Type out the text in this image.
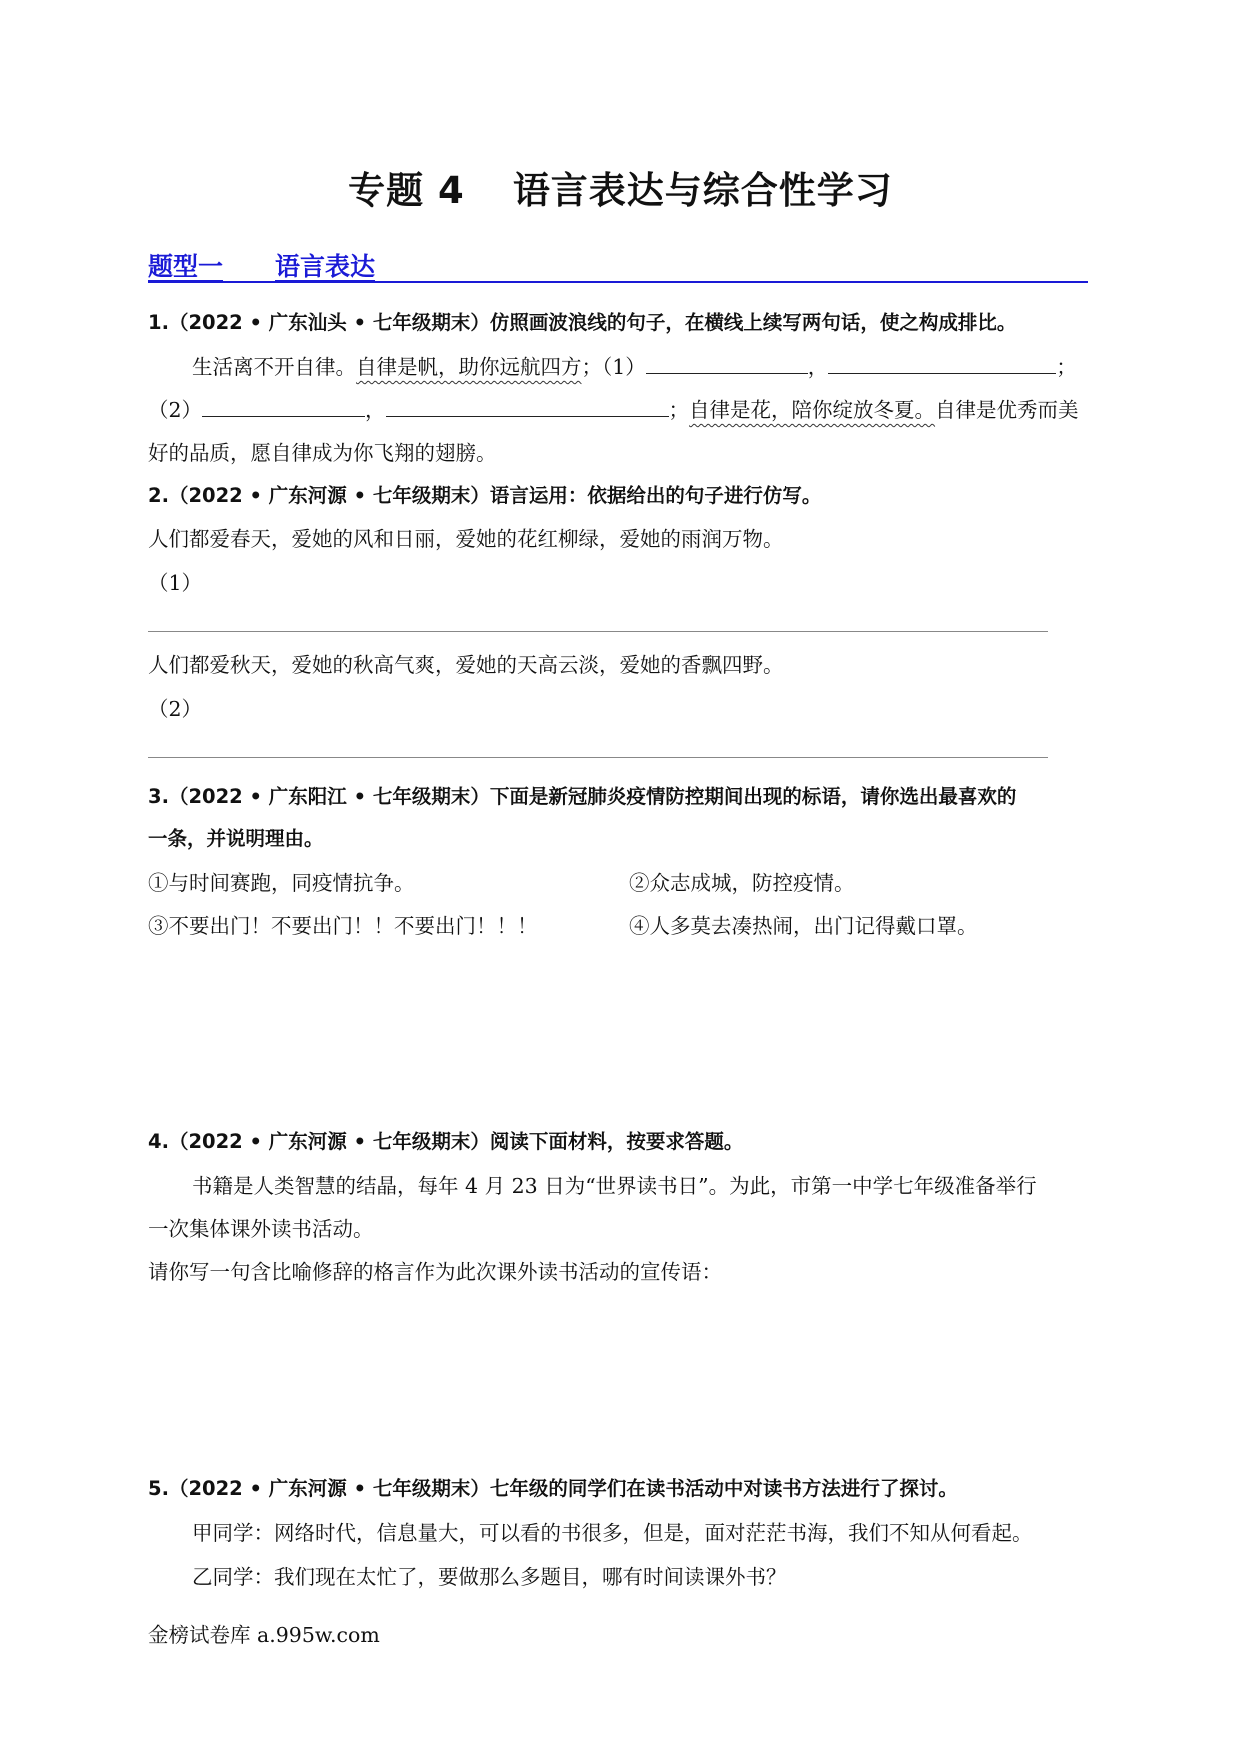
专题 4 语言表达与综合性学习
题型一 语言表达
1.（2022 • 广东汕头 • 七年级期末）仿照画波浪线的句子，在横线上续写两句话，使之构成排比。
生活离不开自律。自律是帆，助你远航四方；（1）	，	；
（2）	，	；自律是花，陪你绽放冬夏。自律是优秀而美
好的品质，愿自律成为你飞翔的翅膀。
2.（2022 • 广东河源 • 七年级期末）语言运用：依据给出的句子进行仿写。
人们都爱春天，爱她的风和日丽，爱她的花红柳绿，爱她的雨润万物。
（1）
人们都爱秋天，爱她的秋高气爽，爱她的天高云淡，爱她的香飘四野。
（2）
3.（2022 • 广东阳江 • 七年级期末）下面是新冠肺炎疫情防控期间出现的标语，请你选出最喜欢的
一条，并说明理由。
①与时间赛跑，同疫情抗争。	②众志成城，防控疫情。
③不要出门！不要出门！！不要出门！！！	④人多莫去凑热闹，出门记得戴口罩。
4.（2022 • 广东河源 • 七年级期末）阅读下面材料，按要求答题。
书籍是人类智慧的结晶，每年 4 月 23 日为“世界读书日”。为此，市第一中学七年级准备举行
一次集体课外读书活动。
请你写一句含比喻修辞的格言作为此次课外读书活动的宣传语：
5.（2022 • 广东河源 • 七年级期末）七年级的同学们在读书活动中对读书方法进行了探讨。
甲同学：网络时代，信息量大，可以看的书很多，但是，面对茫茫书海，我们不知从何看起。
乙同学：我们现在太忙了，要做那么多题目，哪有时间读课外书？
金榜试卷库 a.995w.com
